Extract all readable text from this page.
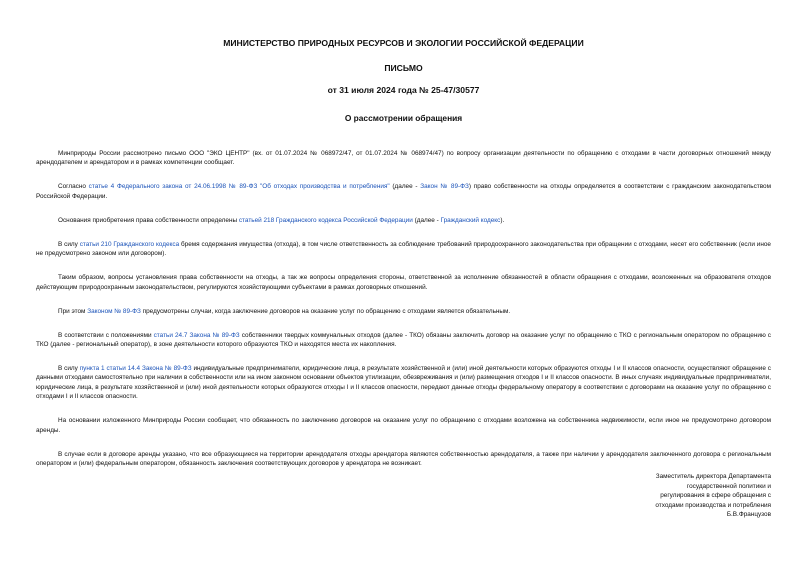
МИНИСТЕРСТВО ПРИРОДНЫХ РЕСУРСОВ И ЭКОЛОГИИ РОССИЙСКОЙ ФЕДЕРАЦИИ
ПИСЬМО
от 31 июля 2024 года № 25-47/30577
О рассмотрении обращения

Минприроды России рассмотрено письмо ООО "ЭКО ЦЕНТР" (вх. от 01.07.2024 № 068972/47, от 01.07.2024 № 068974/47) по вопросу организации деятельности по обращению с отходами в части договорных отношений между арендодателем и арендатором и в рамках компетенции сообщает.

Согласно статье 4 Федерального закона от 24.06.1998 № 89-ФЗ "Об отходах производства и потребления" (далее - Закон № 89-ФЗ) право собственности на отходы определяется в соответствии с гражданским законодательством Российской Федерации.

Основания приобретения права собственности определены статьей 218 Гражданского кодекса Российской Федерации (далее - Гражданский кодекс).

В силу статьи 210 Гражданского кодекса бремя содержания имущества (отхода), в том числе ответственность за соблюдение требований природоохранного законодательства при обращении с отходами, несет его собственник (если иное не предусмотрено законом или договором).

Таким образом, вопросы установления права собственности на отходы, а так же вопросы определения стороны, ответственной за исполнение обязанностей в области обращения с отходами, возложенных на образователя отходов действующим природоохранным законодательством, регулируются хозяйствующими субъектами в рамках договорных отношений.

При этом Законом № 89-ФЗ предусмотрены случаи, когда заключение договоров на оказание услуг по обращению с отходами является обязательным.

В соответствии с положениями статьи 24.7 Закона № 89-ФЗ собственники твердых коммунальных отходов (далее - ТКО) обязаны заключить договор на оказание услуг по обращению с ТКО с региональным оператором по обращению с ТКО (далее - региональный оператор), в зоне деятельности которого образуются ТКО и находятся места их накопления.

В силу пункта 1 статьи 14.4 Закона № 89-ФЗ индивидуальные предприниматели, юридические лица, в результате хозяйственной и (или) иной деятельности которых образуются отходы I и II классов опасности, осуществляют обращение с данными отходами самостоятельно при наличии в собственности или на ином законном основании объектов утилизации, обезвреживания и (или) размещения отходов I и II классов опасности. В иных случаях индивидуальные предприниматели, юридические лица, в результате хозяйственной и (или) иной деятельности которых образуются отходы I и II классов опасности, передают данные отходы федеральному оператору в соответствии с договорами на оказание услуг по обращению с отходами I и II классов опасности.

На основании изложенного Минприроды России сообщает, что обязанность по заключению договоров на оказание услуг по обращению с отходами возложена на собственника недвижимости, если иное не предусмотрено договором аренды.

В случае если в договоре аренды указано, что все образующиеся на территории арендодателя отходы арендатора являются собственностью арендодателя, а также при наличии у арендодателя заключенного договора с региональным оператором и (или) федеральным оператором, обязанность заключения соответствующих договоров у арендатора не возникает.

Заместитель директора Департамента
государственной политики и
регулирования в сфере обращения с
отходами производства и потребления
Б.В.Французов
